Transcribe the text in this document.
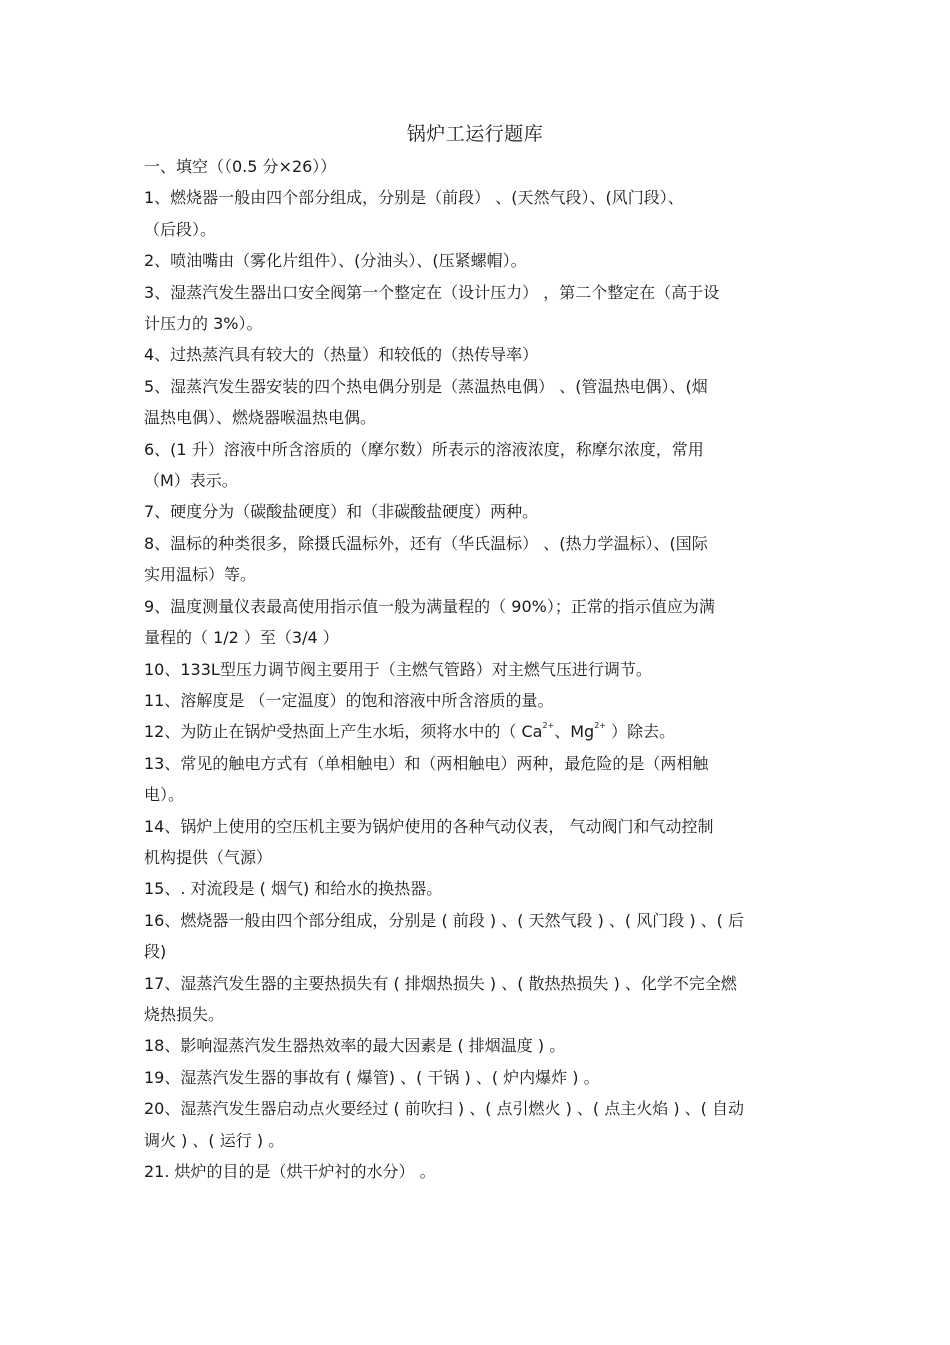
锅炉工运行题库

一、填空（（0.5 分×26））

1、燃烧器一般由四个部分组成，分别是（前段） 、(天然气段）、(风门段）、

（后段）。

2、喷油嘴由（雾化片组件）、(分油头）、(压紧螺帽）。

3、湿蒸汽发生器出口安全阀第一个整定在（设计压力） ，第二个整定在（高于设

计压力的 3%）。

4、过热蒸汽具有较大的（热量）和较低的（热传导率）

5、湿蒸汽发生器安装的四个热电偶分别是（蒸温热电偶） 、(管温热电偶）、(烟

温热电偶）、燃烧器喉温热电偶。

6、(1 升）溶液中所含溶质的（摩尔数）所表示的溶液浓度，称摩尔浓度，常用

（M）表示。

7、硬度分为（碳酸盐硬度）和（非碳酸盐硬度）两种。

8、温标的种类很多，除摄氏温标外，还有（华氏温标） 、(热力学温标）、(国际

实用温标）等。

9、温度测量仪表最高使用指示值一般为满量程的（ 90%）；正常的指示值应为满

量程的（ 1/2 ）至（3/4 ）

10、133L型压力调节阀主要用于（主燃气管路）对主燃气压进行调节。

11、溶解度是 （一定温度）的饱和溶液中所含溶质的量。

12、为防止在锅炉受热面上产生水垢，须将水中的（ $Ca^{2+}$、$Mg^{2+}$ ）除去。

13、常见的触电方式有（单相触电）和（两相触电）两种，最危险的是（两相触

电）。

14、锅炉上使用的空压机主要为锅炉使用的各种气动仪表， 气动阀门和气动控制

机构提供（气源）

15、. 对流段是 ( 烟气) 和给水的换热器。

16、燃烧器一般由四个部分组成，分别是 ( 前段 ) 、( 天然气段 ) 、( 风门段 ) 、( 后

段)

17、湿蒸汽发生器的主要热损失有 ( 排烟热损失 ) 、( 散热热损失 ) 、化学不完全燃

烧热损失。

18、影响湿蒸汽发生器热效率的最大因素是 ( 排烟温度 ) 。

19、湿蒸汽发生器的事故有 ( 爆管) 、( 干锅 ) 、( 炉内爆炸 ) 。

20、湿蒸汽发生器启动点火要经过 ( 前吹扫 ) 、( 点引燃火 ) 、( 点主火焰 ) 、( 自动

调火 ) 、( 运行 ) 。

21. 烘炉的目的是（烘干炉衬的水分） 。
